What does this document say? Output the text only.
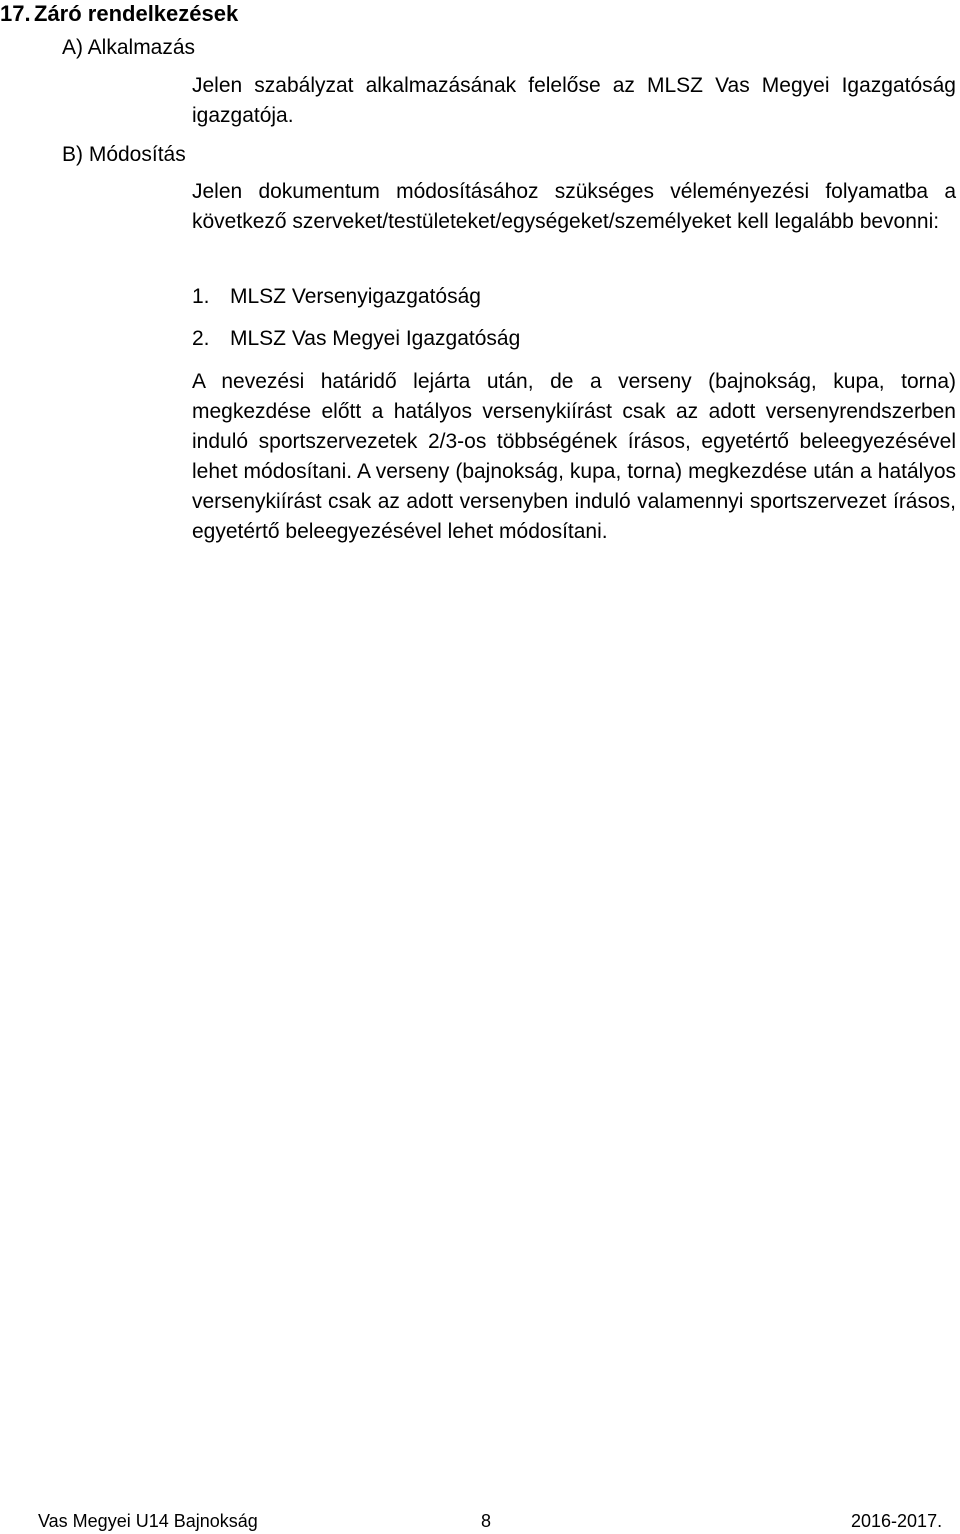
17. Záró rendelkezések
A) Alkalmazás
Jelen szabályzat alkalmazásának felelőse az MLSZ Vas Megyei Igazgatóság igazgatója.
B) Módosítás
Jelen dokumentum módosításához szükséges véleményezési folyamatba a következő szerveket/testületeket/egységeket/személyeket kell legalább bevonni:
1. MLSZ Versenyigazgatóság
2. MLSZ Vas Megyei Igazgatóság
A nevezési határidő lejárta után, de a verseny (bajnokság, kupa, torna) megkezdése előtt a hatályos versenykiírást csak az adott versenyrendszerben induló sportszervezetek 2/3-os többségének írásos, egyetértő beleegyezésével lehet módosítani. A verseny (bajnokság, kupa, torna) megkezdése után a hatályos versenykiírást csak az adott versenyben induló valamennyi sportszervezet írásos, egyetértő beleegyezésével lehet módosítani.
Vas Megyei U14 Bajnokság	8	2016-2017.
